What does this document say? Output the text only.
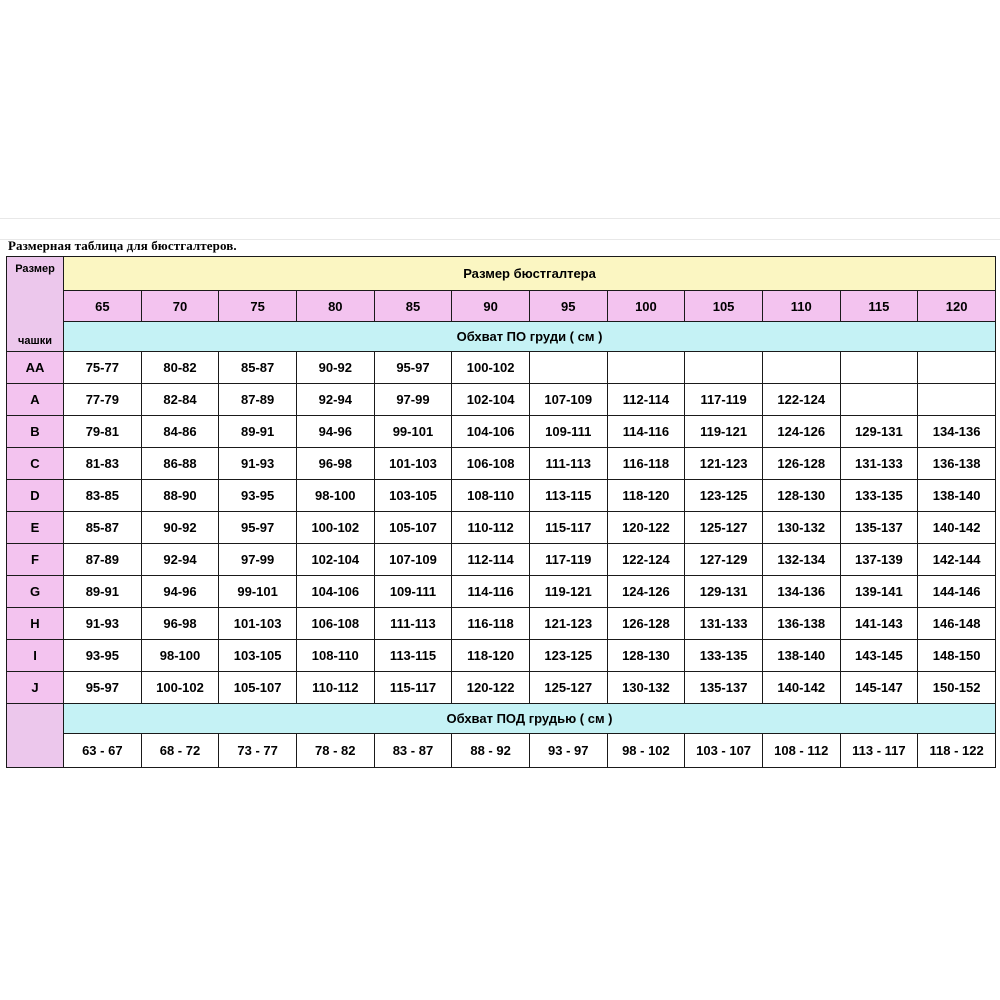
Размерная таблица для бюстгалтеров.
Размер
чашки	Размер бюстгалтера											
	65	70	75	80	85	90	95	100	105	110	115	120
	Обхват ПО груди ( см )											
AA	75-77	80-82	85-87	90-92	95-97	100-102						
A	77-79	82-84	87-89	92-94	97-99	102-104	107-109	112-114	117-119	122-124		
B	79-81	84-86	89-91	94-96	99-101	104-106	109-111	114-116	119-121	124-126	129-131	134-136
C	81-83	86-88	91-93	96-98	101-103	106-108	111-113	116-118	121-123	126-128	131-133	136-138
D	83-85	88-90	93-95	98-100	103-105	108-110	113-115	118-120	123-125	128-130	133-135	138-140
E	85-87	90-92	95-97	100-102	105-107	110-112	115-117	120-122	125-127	130-132	135-137	140-142
F	87-89	92-94	97-99	102-104	107-109	112-114	117-119	122-124	127-129	132-134	137-139	142-144
G	89-91	94-96	99-101	104-106	109-111	114-116	119-121	124-126	129-131	134-136	139-141	144-146
H	91-93	96-98	101-103	106-108	111-113	116-118	121-123	126-128	131-133	136-138	141-143	146-148
I	93-95	98-100	103-105	108-110	113-115	118-120	123-125	128-130	133-135	138-140	143-145	148-150
J	95-97	100-102	105-107	110-112	115-117	120-122	125-127	130-132	135-137	140-142	145-147	150-152
	Обхват ПОД грудью ( см )											
	63 - 67	68 - 72	73 - 77	78 - 82	83 - 87	88 - 92	93 - 97	98 - 102	103 - 107	108 - 112	113 - 117	118 - 122
